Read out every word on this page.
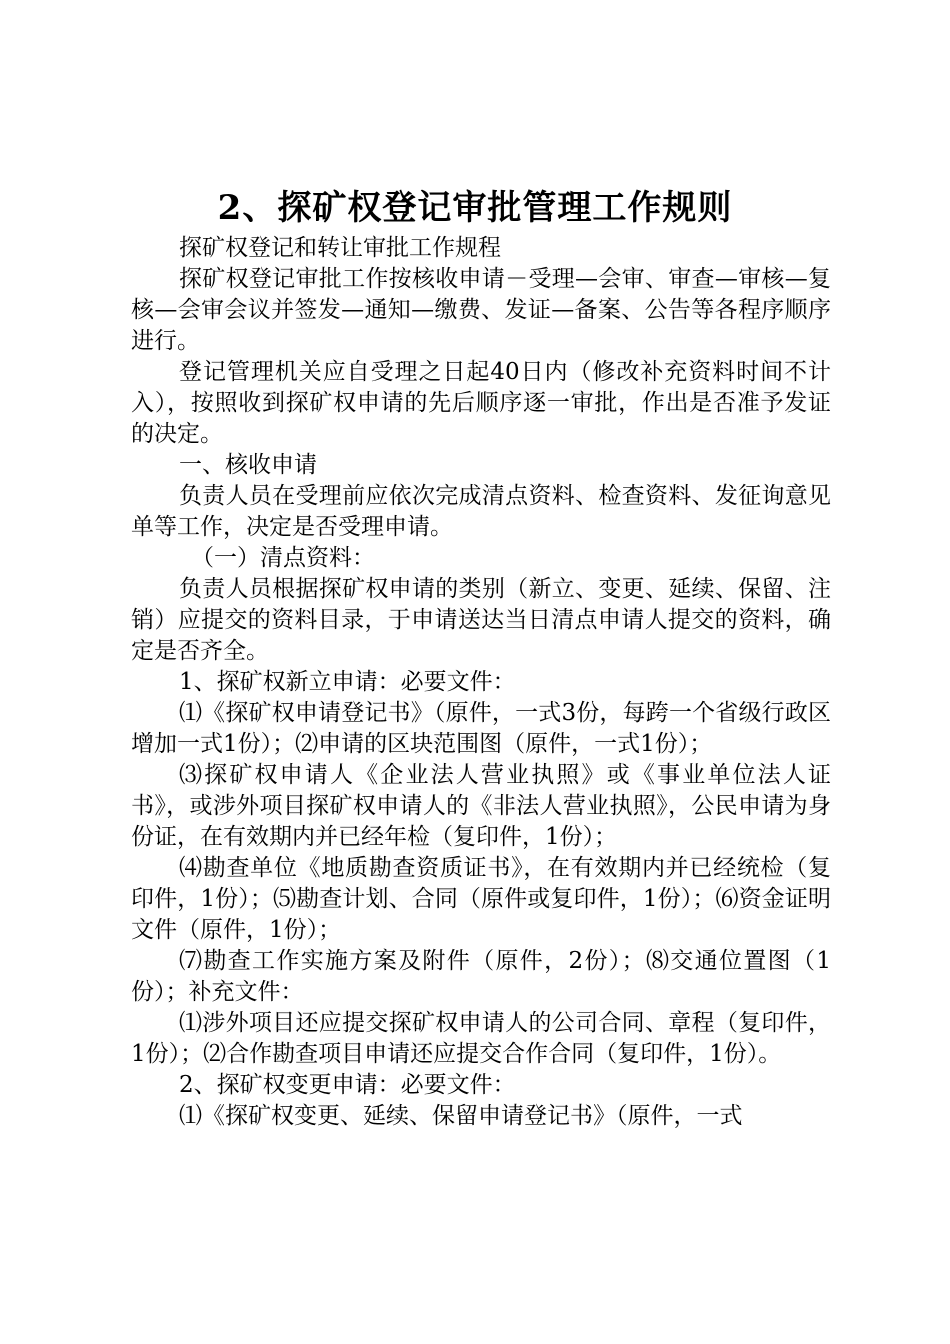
2、探矿权登记审批管理工作规则

探矿权登记和转让审批工作规程

探矿权登记审批工作按核收申请－受理—会审、审查—审核—复核—会审会议并签发—通知—缴费、发证—备案、公告等各程序顺序进行。

登记管理机关应自受理之日起40日内（修改补充资料时间不计入），按照收到探矿权申请的先后顺序逐一审批，作出是否准予发证的决定。

一、核收申请

负责人员在受理前应依次完成清点资料、检查资料、发征询意见单等工作，决定是否受理申请。

（一）清点资料：

负责人员根据探矿权申请的类别（新立、变更、延续、保留、注销）应提交的资料目录，于申请送达当日清点申请人提交的资料，确定是否齐全。

1、探矿权新立申请：必要文件：

⑴《探矿权申请登记书》（原件，一式3份，每跨一个省级行政区增加一式1份）；⑵申请的区块范围图（原件，一式1份）；

⑶探矿权申请人《企业法人营业执照》或《事业单位法人证书》，或涉外项目探矿权申请人的《非法人营业执照》，公民申请为身份证，在有效期内并已经年检（复印件，1份）；

⑷勘查单位《地质勘查资质证书》，在有效期内并已经统检（复印件，1份）；⑸勘查计划、合同（原件或复印件，1份）；⑹资金证明文件（原件，1份）；

⑺勘查工作实施方案及附件（原件，2份）；⑻交通位置图（1份）；补充文件：

⑴涉外项目还应提交探矿权申请人的公司合同、章程（复印件，1份）；⑵合作勘查项目申请还应提交合作合同（复印件，1份）。

2、探矿权变更申请：必要文件：

⑴《探矿权变更、延续、保留申请登记书》（原件，一式
